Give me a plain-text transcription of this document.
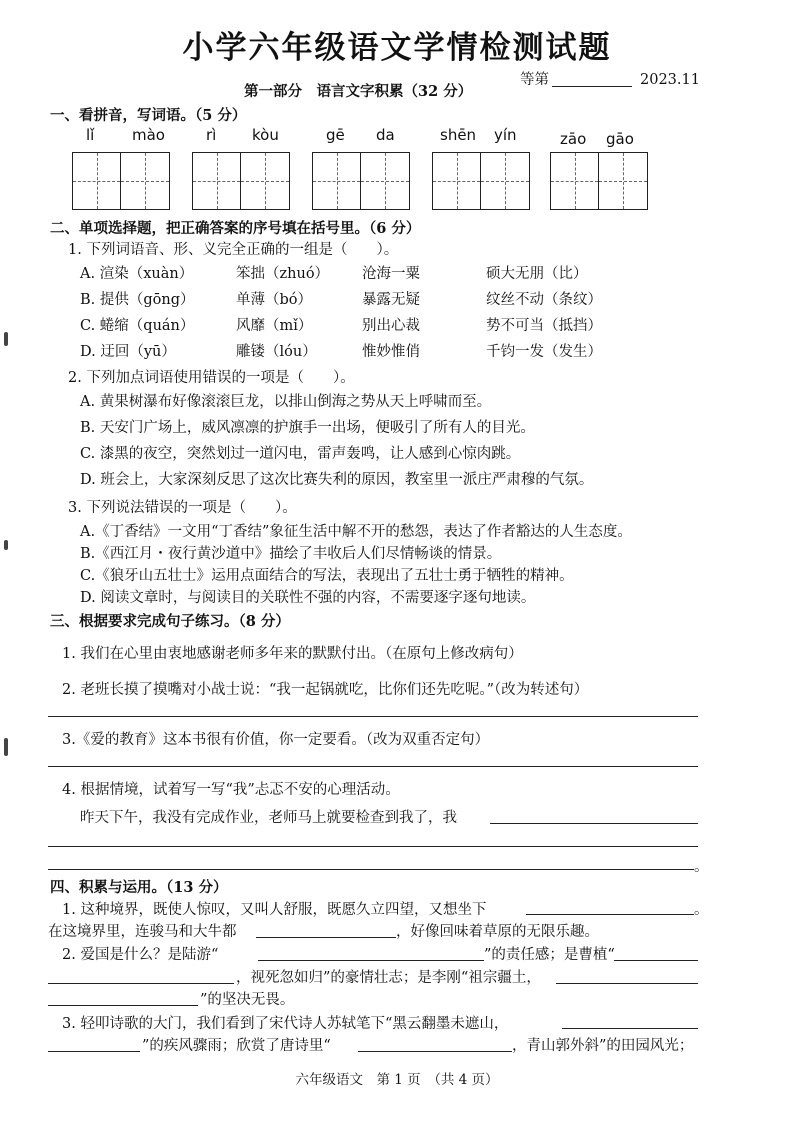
小学六年级语文学情检测试题
第一部分　语言文字积累（32 分）
等第	2023.11
一、看拼音，写词语。（5 分）
lǐ	mào	rì kòu	gē da	shēn yín	zāo gāo
二、单项选择题，把正确答案的序号填在括号里。（6 分）
1. 下列词语音、形、义完全正确的一组是（　　）。
A. 渲染（xuàn）	笨拙（zhuó） 沧海一粟	硕大无朋（比）
B. 提供（gōng）	单薄（bó）	暴露无疑	纹丝不动（条纹）
C. 蜷缩（quán）	风靡（mǐ）	别出心裁	势不可当（抵挡）
D. 迂回（yū）	雕镂（lóu）	惟妙惟俏	千钧一发（发生）
2. 下列加点词语使用错误的一项是（　　）。
A. 黄果树瀑布好像滚滚巨龙，以排山倒海之势从天上呼啸而至。
B. 天安门广场上，威风凛凛的护旗手一出场，便吸引了所有人的目光。
C. 漆黑的夜空，突然划过一道闪电，雷声轰鸣，让人感到心惊肉跳。
D. 班会上，大家深刻反思了这次比赛失利的原因，教室里一派庄严肃穆的气氛。
3. 下列说法错误的一项是（　　）。
A.《丁香结》一文用“丁香结”象征生活中解不开的愁怨，表达了作者豁达的人生态度。
B.《西江月・夜行黄沙道中》描绘了丰收后人们尽情畅谈的情景。
C.《狼牙山五壮士》运用点面结合的写法，表现出了五壮士勇于牺牲的精神。
D. 阅读文章时，与阅读目的关联性不强的内容，不需要逐字逐句地读。
三、根据要求完成句子练习。（8 分）
1. 我们在心里由衷地感谢老师多年来的默默付出。（在原句上修改病句）
2. 老班长摸了摸嘴对小战士说：“我一起锅就吃，比你们还先吃呢。”（改为转述句）
3.《爱的教育》这本书很有价值，你一定要看。（改为双重否定句）
4. 根据情境，试着写一写“我”忐忑不安的心理活动。
昨天下午，我没有完成作业，老师马上就要检查到我了，我
。
四、积累与运用。（13 分）
1. 这种境界，既使人惊叹，又叫人舒服，既愿久立四望，又想坐下	。
在这境界里，连骏马和大牛都	，好像回味着草原的无限乐趣。
2. 爱国是什么？是陆游“	”的责任感；是曹植“
，视死忽如归”的豪情壮志；是李刚“祖宗疆土，
”的坚决无畏。
3. 轻叩诗歌的大门，我们看到了宋代诗人苏轼笔下“黑云翻墨未遮山，
”的疾风骤雨；欣赏了唐诗里“	，青山郭外斜”的田园风光；
六年级语文　第 1 页　（共 4 页）
